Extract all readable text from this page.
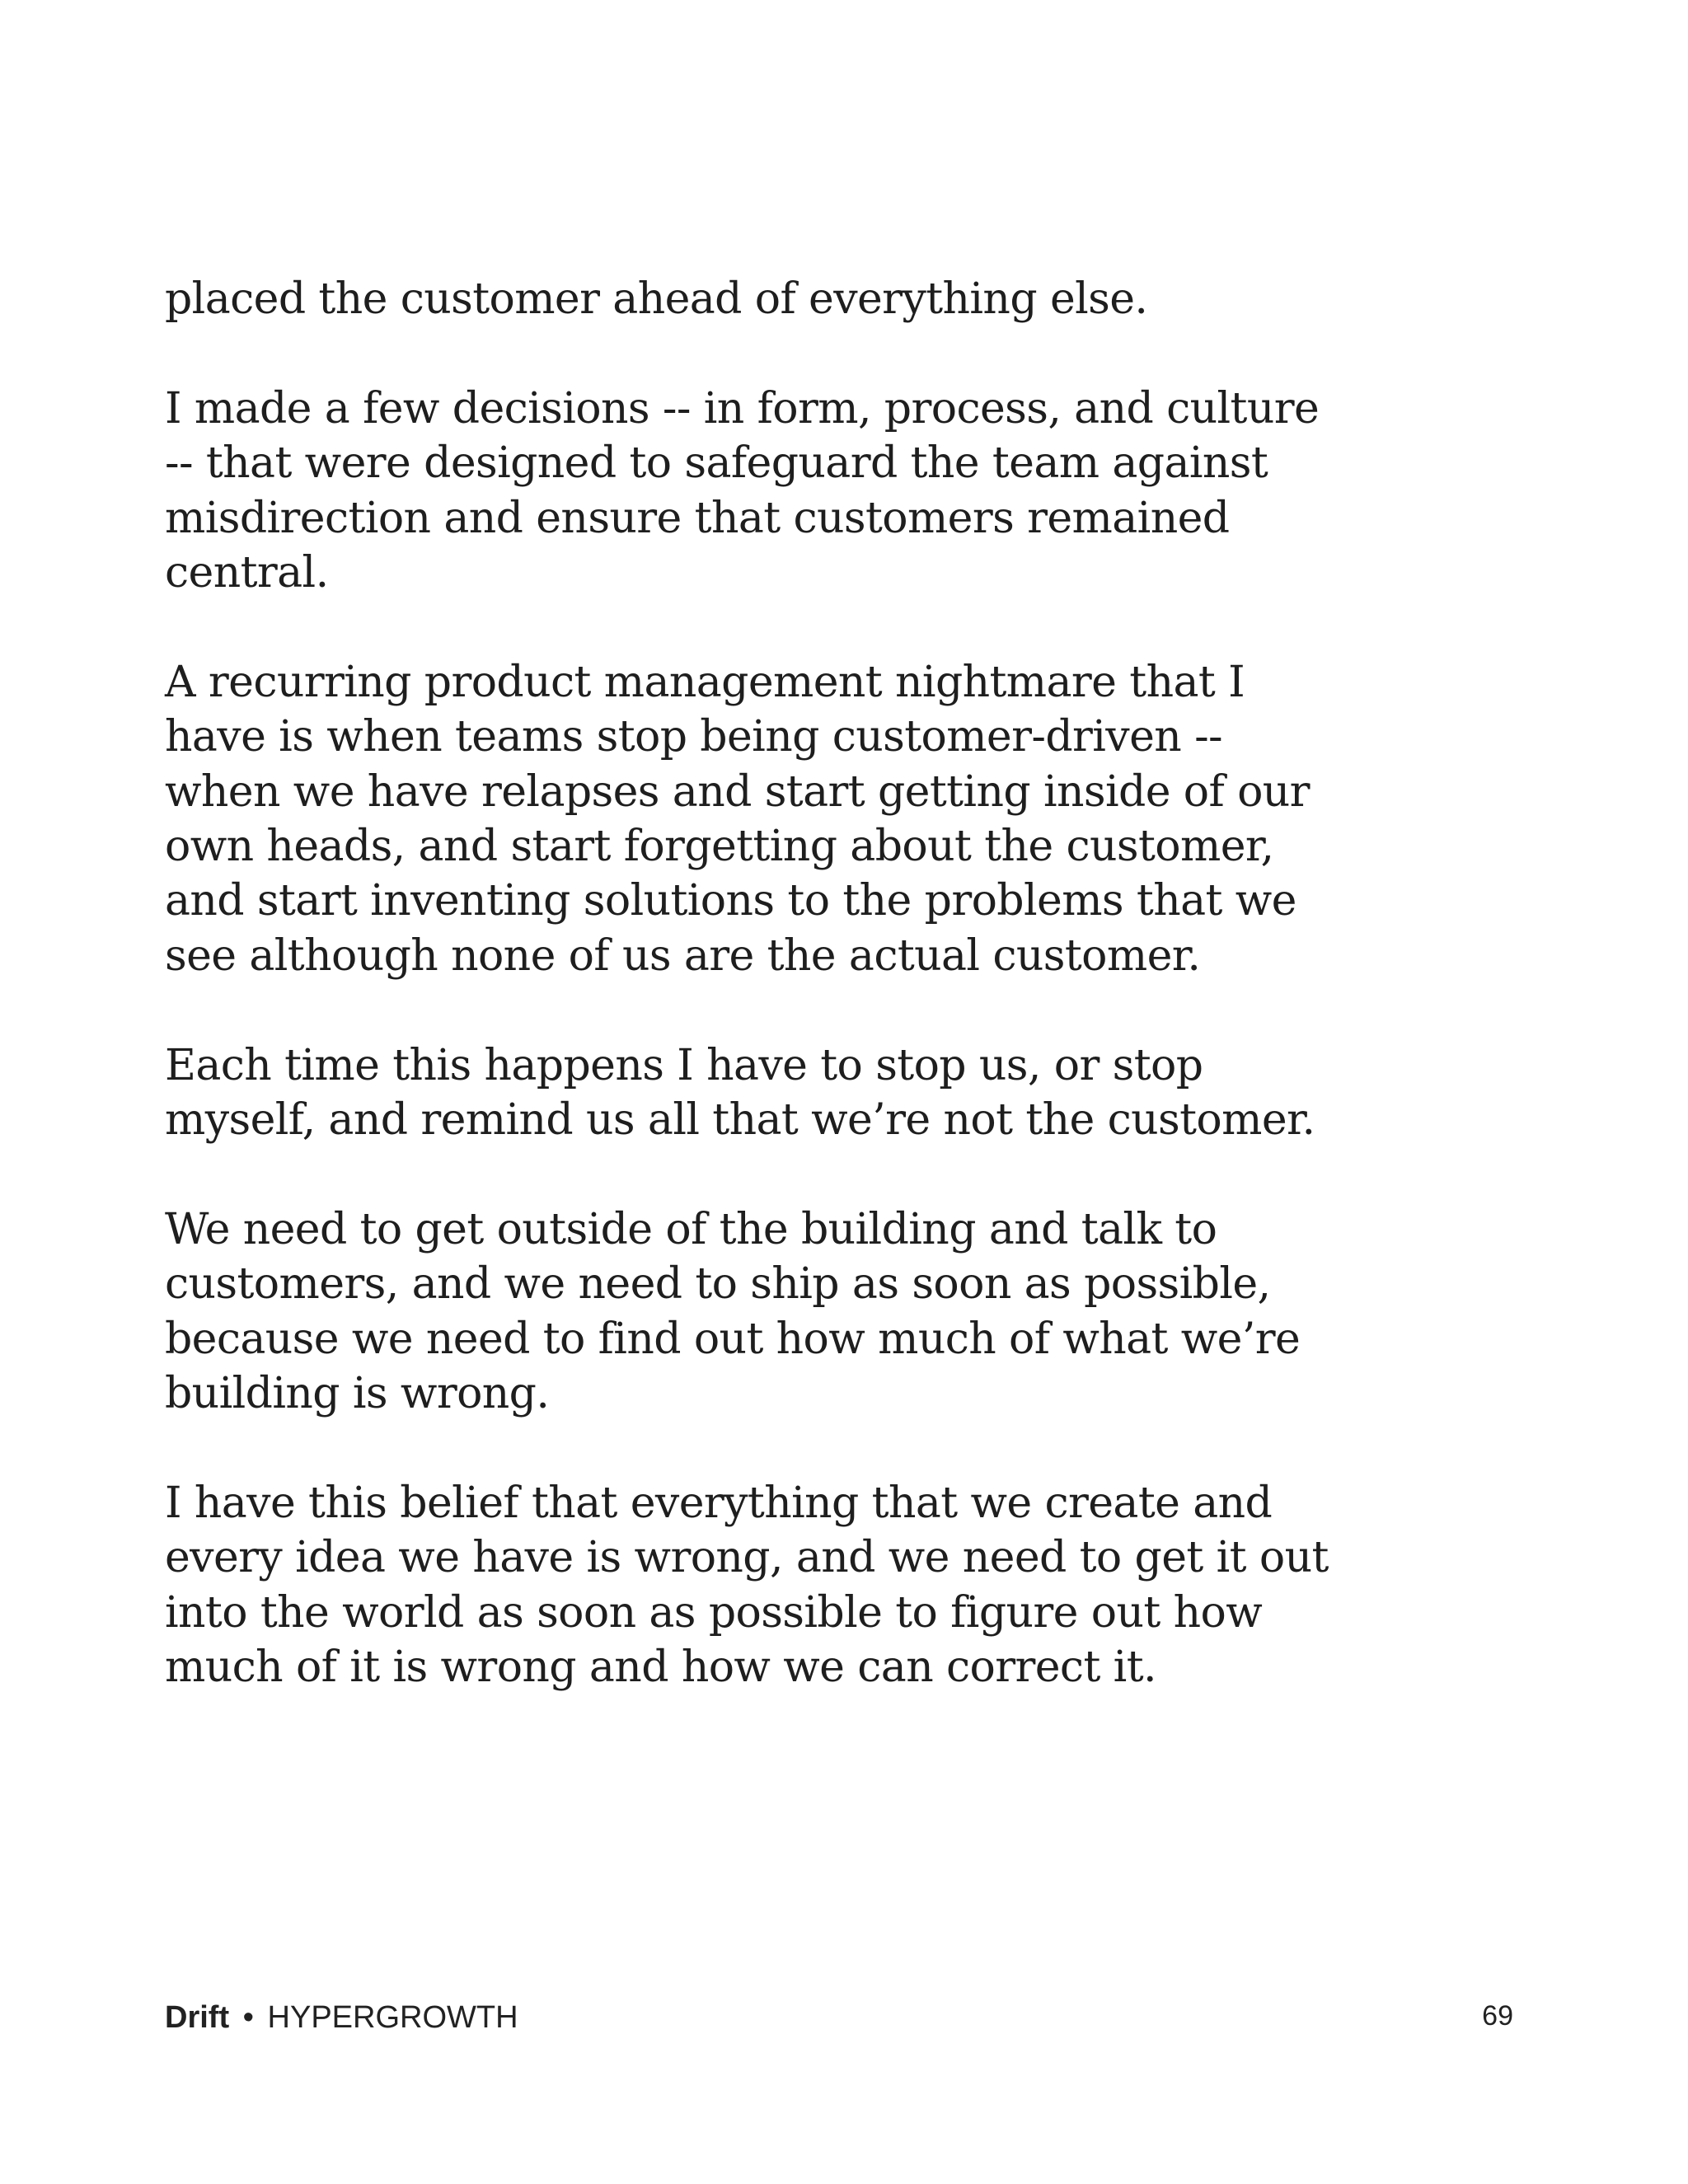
placed the customer ahead of everything else.

I made a few decisions -- in form, process, and culture
-- that were designed to safeguard the team against
misdirection and ensure that customers remained
central.

A recurring product management nightmare that I
have is when teams stop being customer-driven --
when we have relapses and start getting inside of our
own heads, and start forgetting about the customer,
and start inventing solutions to the problems that we
see although none of us are the actual customer.

Each time this happens I have to stop us, or stop
myself, and remind us all that we’re not the customer.

We need to get outside of the building and talk to
customers, and we need to ship as soon as possible,
because we need to find out how much of what we’re
building is wrong.

I have this belief that everything that we create and
every idea we have is wrong, and we need to get it out
into the world as soon as possible to figure out how
much of it is wrong and how we can correct it.

Drift • HYPERGROWTH	69
